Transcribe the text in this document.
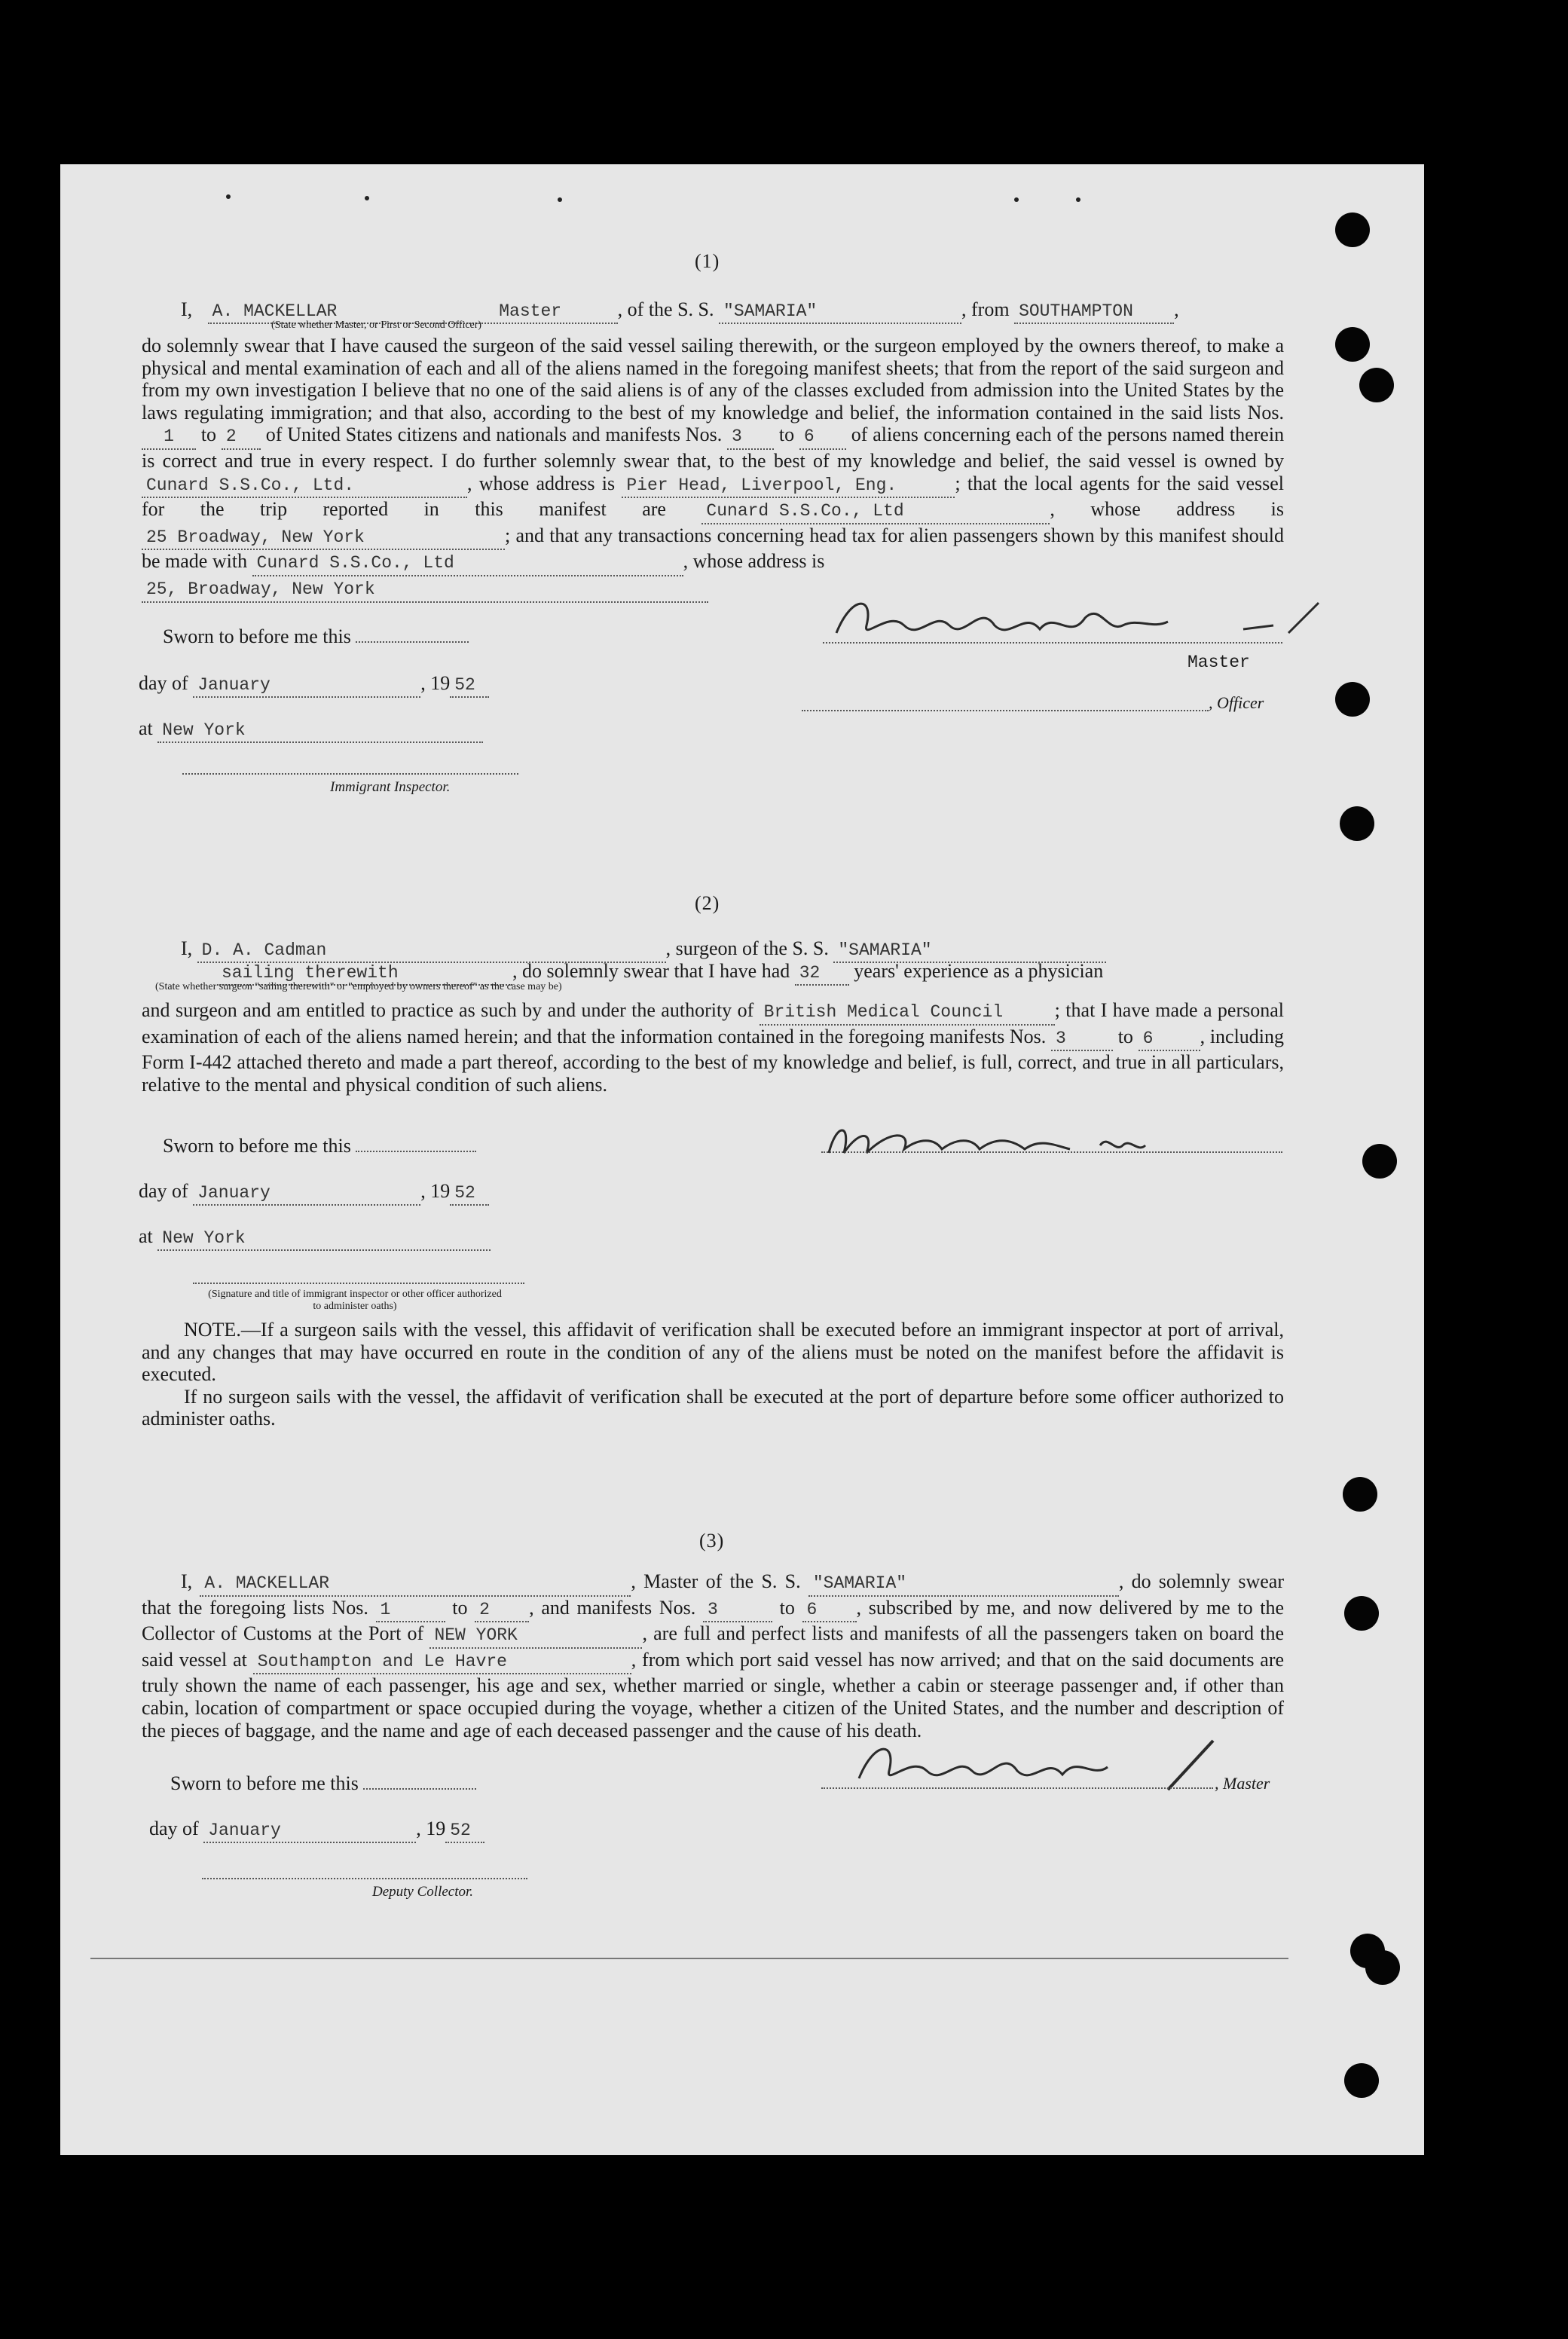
(1)
I, A. MACKELLAR	Master	, of the S. S. "SAMARIA"	, from SOUTHAMPTON ,
(State whether Master, or First or Second Officer)
do solemnly swear that I have caused the surgeon of the said vessel sailing therewith, or the surgeon employed by the owners thereof, to make a physical and mental examination of each and all of the aliens named in the foregoing manifest sheets; that from the report of the said surgeon and from my own investigation I believe that no one of the said aliens is of any of the classes excluded from admission into the United States by the laws regulating immigration; and that also, according to the best of my knowledge and belief, the information contained in the said lists Nos. 1 to 2 of United States citizens and nationals and manifests Nos. 3 to 6 of aliens concerning each of the persons named therein is correct and true in every respect. I do further solemnly swear that, to the best of my knowledge and belief, the said vessel is owned by Cunard S.S.Co., Ltd.	, whose address is Pier Head, Liverpool, Eng.	; that the local agents for the said vessel for the trip reported in this manifest are Cunard S.S.Co., Ltd	, whose address is 25 Broadway, New York	; and that any transactions concerning head tax for alien passengers shown by this manifest should be made with Cunard S.S.Co., Ltd	, whose address is
25, Broadway, New York
Sworn to before me this
day of January	, 19 52
at New York
Immigrant Inspector.
Master
, Officer
(2)
I, D. A. Cadman	, surgeon of the S. S. "SAMARIA"
sailing therewith	, do solemnly swear that I have had 32 years' experience as a physician
(State whether surgeon "sailing therewith" or "employed by owners thereof" as the case may be)
and surgeon and am entitled to practice as such by and under the authority of British Medical Council	; that I have made a personal examination of each of the aliens named herein; and that the information contained in the foregoing manifests Nos. 3	to 6 , including Form I-442 attached thereto and made a part thereof, according to the best of my knowledge and belief, is full, correct, and true in all particulars, relative to the mental and physical condition of such aliens.
Sworn to before me this
day of January	, 19 52
at New York
(Signature and title of immigrant inspector or other officer authorized to administer oaths)
NOTE.—If a surgeon sails with the vessel, this affidavit of verification shall be executed before an immigrant inspector at port of arrival, and any changes that may have occurred en route in the condition of any of the aliens must be noted on the manifest before the affidavit is executed.
If no surgeon sails with the vessel, the affidavit of verification shall be executed at the port of departure before some officer authorized to administer oaths.
(3)
I, A. MACKELLAR	, Master of the S. S. "SAMARIA"	, do solemnly swear that the foregoing lists Nos. 1	to 2 , and manifests Nos. 3	to 6 , subscribed by me, and now delivered by me to the Collector of Customs at the Port of NEW YORK	, are full and perfect lists and manifests of all the passengers taken on board the said vessel at Southampton and Le Havre	, from which port said vessel has now arrived; and that on the said documents are truly shown the name of each passenger, his age and sex, whether married or single, whether a cabin or steerage passenger and, if other than cabin, location of compartment or space occupied during the voyage, whether a citizen of the United States, and the number and description of the pieces of baggage, and the name and age of each deceased passenger and the cause of his death.
Sworn to before me this
day of January	, 19 52
Deputy Collector.
, Master
